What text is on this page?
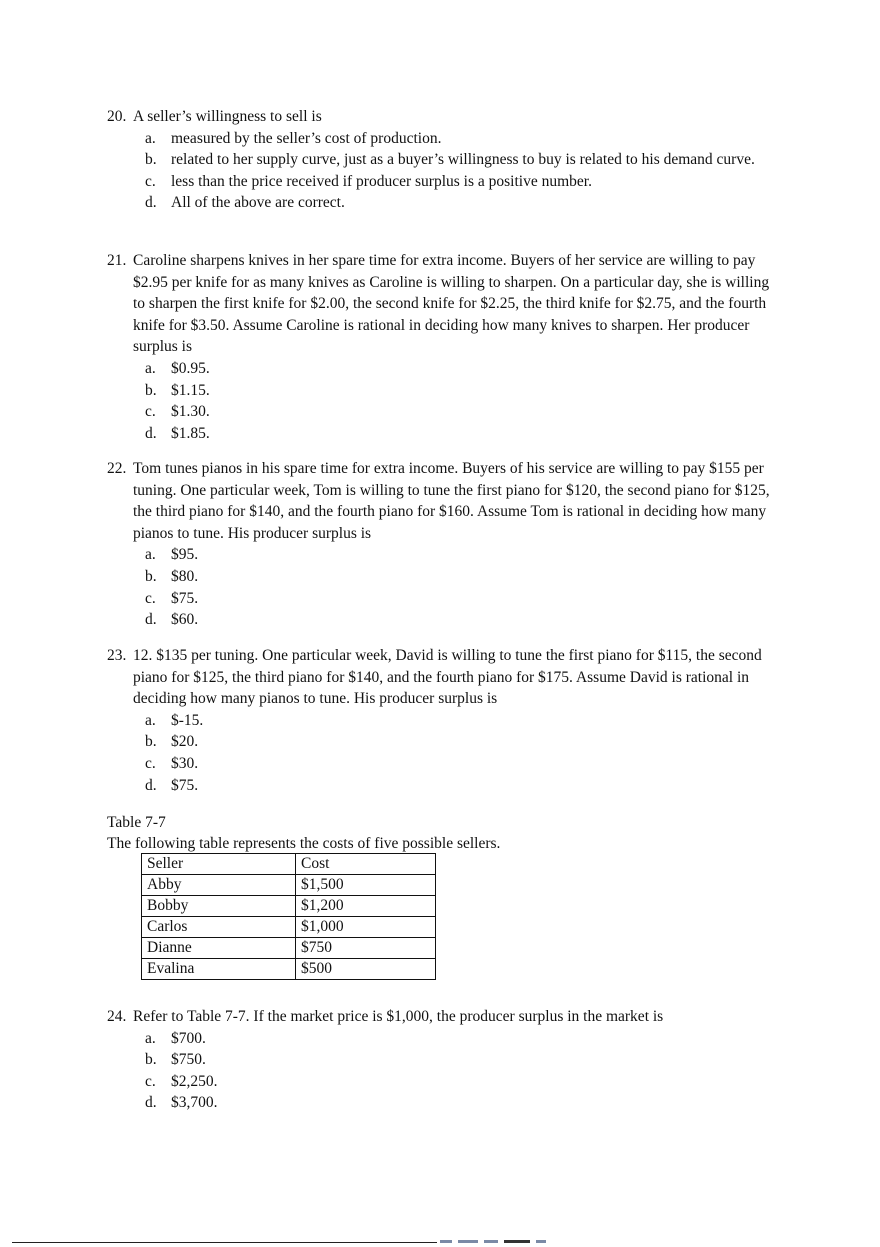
20. A seller’s willingness to sell is
a. measured by the seller’s cost of production.
b. related to her supply curve, just as a buyer’s willingness to buy is related to his demand curve.
c. less than the price received if producer surplus is a positive number.
d. All of the above are correct.
21. Caroline sharpens knives in her spare time for extra income. Buyers of her service are willing to pay $2.95 per knife for as many knives as Caroline is willing to sharpen. On a particular day, she is willing to sharpen the first knife for $2.00, the second knife for $2.25, the third knife for $2.75, and the fourth knife for $3.50. Assume Caroline is rational in deciding how many knives to sharpen. Her producer surplus is
a. $0.95.
b. $1.15.
c. $1.30.
d. $1.85.
22. Tom tunes pianos in his spare time for extra income. Buyers of his service are willing to pay $155 per tuning. One particular week, Tom is willing to tune the first piano for $120, the second piano for $125, the third piano for $140, and the fourth piano for $160. Assume Tom is rational in deciding how many pianos to tune. His producer surplus is
a. $95.
b. $80.
c. $75.
d. $60.
23. 12. $135 per tuning. One particular week, David is willing to tune the first piano for $115, the second piano for $125, the third piano for $140, and the fourth piano for $175. Assume David is rational in deciding how many pianos to tune. His producer surplus is
a. $-15.
b. $20.
c. $30.
d. $75.
Table 7-7
The following table represents the costs of five possible sellers.
Seller	Cost
Abby	$1,500
Bobby	$1,200
Carlos	$1,000
Dianne	$750
Evalina	$500
24. Refer to Table 7-7. If the market price is $1,000, the producer surplus in the market is
a. $700.
b. $750.
c. $2,250.
d. $3,700.
